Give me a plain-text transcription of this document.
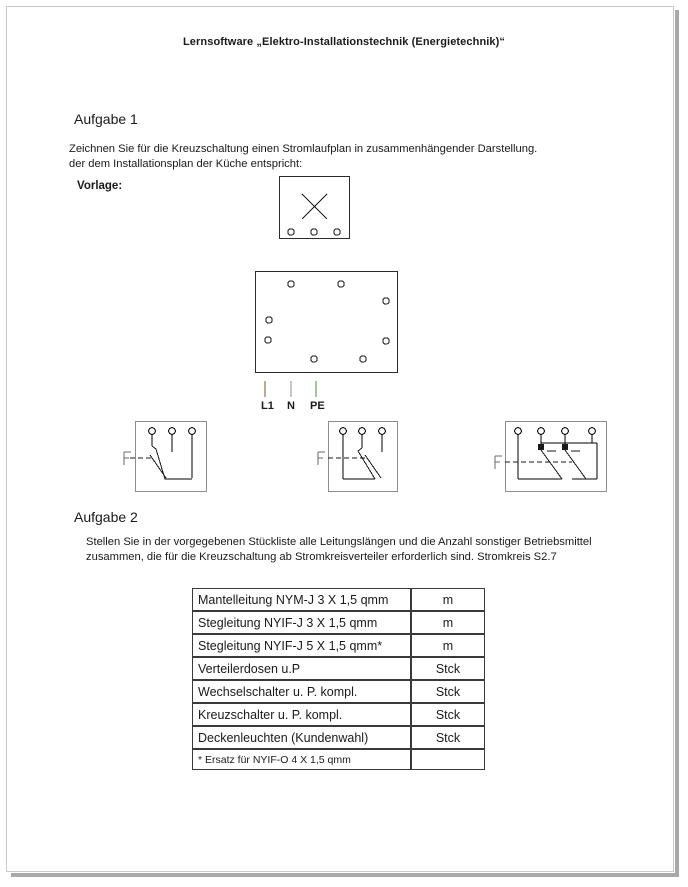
Lernsoftware „Elektro-Installationstechnik (Energietechnik)“
Aufgabe 1
Zeichnen Sie für die Kreuzschaltung einen Stromlaufplan in zusammenhängender Darstellung.
der dem Installationsplan der Küche entspricht:
Vorlage:
Aufgabe 2
Stellen Sie in der vorgegebenen Stückliste alle Leitungslängen und die Anzahl sonstiger Betriebsmittel
zusammen, die für die Kreuzschaltung ab Stromkreisverteiler erforderlich sind. Stromkreis S2.7
L1 N PE
Mantelleitung NYM-J 3 X 1,5 qmm	m
Stegleitung NYIF-J 3 X 1,5 qmm	m
Stegleitung NYIF-J 5 X 1,5 qmm*	m
Verteilerdosen u.P	Stck
Wechselschalter u. P. kompl.	Stck
Kreuzschalter u. P. kompl.	Stck
Deckenleuchten (Kundenwahl)	Stck
* Ersatz für NYIF-O 4 X 1,5 qmm	
